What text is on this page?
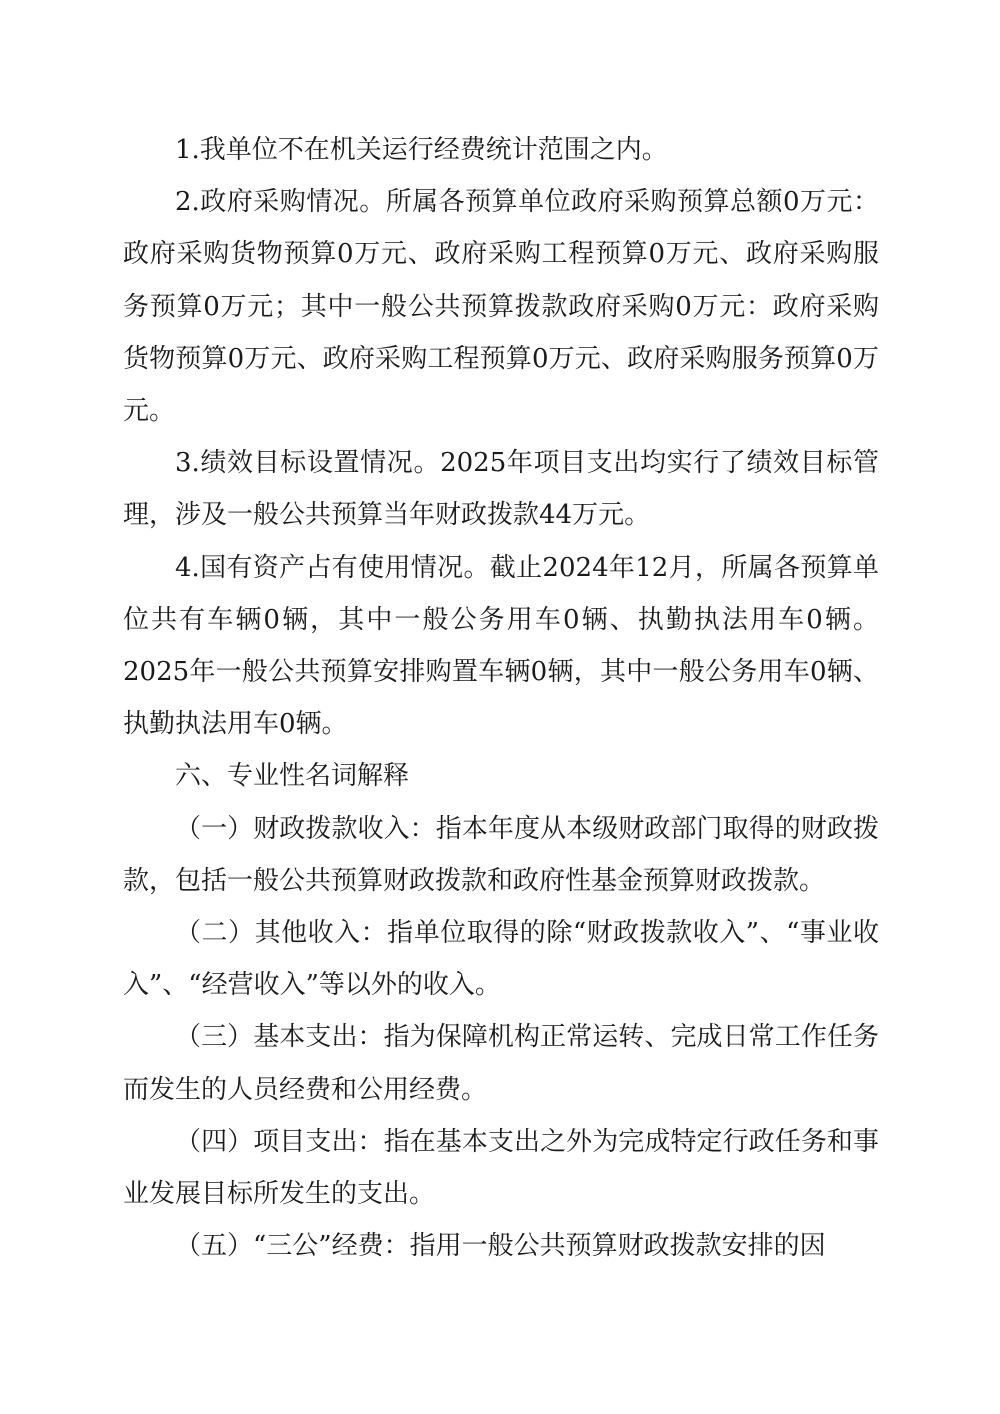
1.我单位不在机关运行经费统计范围之内。

2.政府采购情况。所属各预算单位政府采购预算总额0万元：政府采购货物预算0万元、政府采购工程预算0万元、政府采购服务预算0万元；其中一般公共预算拨款政府采购0万元：政府采购货物预算0万元、政府采购工程预算0万元、政府采购服务预算0万元。

3.绩效目标设置情况。2025年项目支出均实行了绩效目标管理，涉及一般公共预算当年财政拨款44万元。

4.国有资产占有使用情况。截止2024年12月，所属各预算单位共有车辆0辆，其中一般公务用车0辆、执勤执法用车0辆。2025年一般公共预算安排购置车辆0辆，其中一般公务用车0辆、执勤执法用车0辆。

六、专业性名词解释

（一）财政拨款收入：指本年度从本级财政部门取得的财政拨款，包括一般公共预算财政拨款和政府性基金预算财政拨款。

（二）其他收入：指单位取得的除“财政拨款收入”、“事业收入”、“经营收入”等以外的收入。

（三）基本支出：指为保障机构正常运转、完成日常工作任务而发生的人员经费和公用经费。

（四）项目支出：指在基本支出之外为完成特定行政任务和事业发展目标所发生的支出。

（五）“三公”经费：指用一般公共预算财政拨款安排的因
